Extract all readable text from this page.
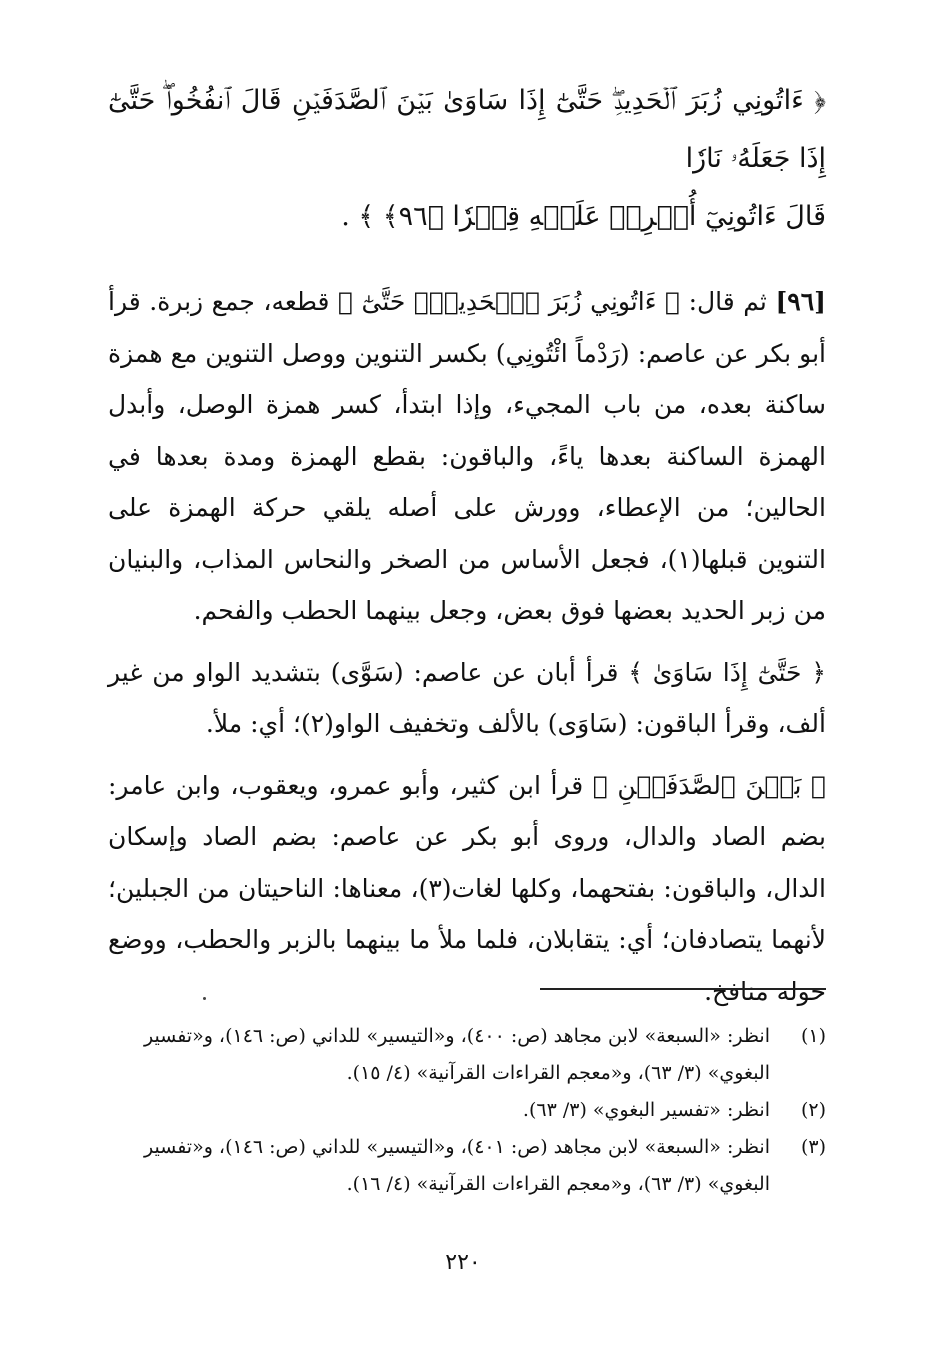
﴿ ءَاتُونِي زُبَرَ ٱلۡحَدِيدِۖ حَتَّىٰٓ إِذَا سَاوَىٰ بَيۡنَ ٱلصَّدَفَيۡنِ قَالَ ٱنفُخُواْۖ حَتَّىٰٓ إِذَا جَعَلَهُۥ نَارٗا
قَالَ ءَاتُونِيٓ أُفۡرِغۡ عَلَيۡهِ قِطۡرٗا ﴿٩٦﴾ ﴾ .

[٩٦] ثم قال: ﴿ ءَاتُونِي زُبَرَ ٱلۡحَدِيدِۖ حَتَّىٰٓ ﴾ قطعه، جمع زبرة. قرأ أبو بكر عن عاصم: (رَدْماً ائْتُونِي) بكسر التنوين ووصل التنوين مع همزة ساكنة بعده، من باب المجيء، وإذا ابتدأ، كسر همزة الوصل، وأبدل الهمزة الساكنة بعدها ياءً، والباقون: بقطع الهمزة ومدة بعدها في الحالين؛ من الإعطاء، وورش على أصله يلقي حركة الهمزة على التنوين قبلها(١)، فجعل الأساس من الصخر والنحاس المذاب، والبنيان من زبر الحديد بعضها فوق بعض، وجعل بينهما الحطب والفحم.

﴿ حَتَّىٰٓ إِذَا سَاوَىٰ ﴾ قرأ أبان عن عاصم: (سَوَّى) بتشديد الواو من غير ألف، وقرأ الباقون: (سَاوَى) بالألف وتخفيف الواو(٢)؛ أي: ملأ.

﴿ بَيۡنَ ٱلصَّدَفَيۡنِ ﴾ قرأ ابن كثير، وأبو عمرو، ويعقوب، وابن عامر: بضم الصاد والدال، وروى أبو بكر عن عاصم: بضم الصاد وإسكان الدال، والباقون: بفتحهما، وكلها لغات(٣)، معناها: الناحيتان من الجبلين؛ لأنهما يتصادفان؛ أي: يتقابلان، فلما ملأ ما بينهما بالزبر والحطب، ووضع حوله منافخ.

(١)
انظر: «السبعة» لابن مجاهد (ص: ٤٠٠)، و«التيسير» للداني (ص: ١٤٦)، و«تفسير البغوي» (٣/ ٦٣)، و«معجم القراءات القرآنية» (٤/ ١٥).

(٢)
انظر: «تفسير البغوي» (٣/ ٦٣).

(٣)
انظر: «السبعة» لابن مجاهد (ص: ٤٠١)، و«التيسير» للداني (ص: ١٤٦)، و«تفسير البغوي» (٣/ ٦٣)، و«معجم القراءات القرآنية» (٤/ ١٦).

٢٢٠
